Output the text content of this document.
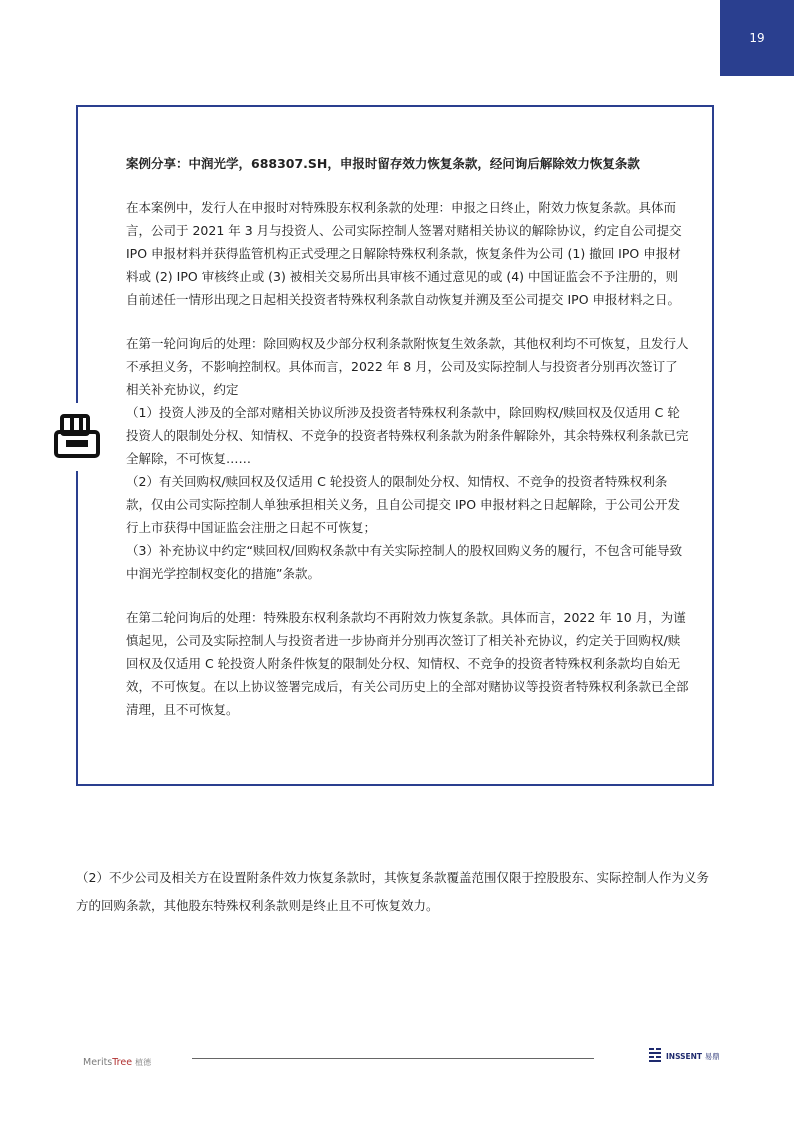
19

案例分享：中润光学，688307.SH，申报时留存效力恢复条款，经问询后解除效力恢复条款

在本案例中，发行人在申报时对特殊股东权利条款的处理：申报之日终止，附效力恢复条款。具体而言，公司于 2021 年 3 月与投资人、公司实际控制人签署对赌相关协议的解除协议，约定自公司提交 IPO 申报材料并获得监管机构正式受理之日解除特殊权利条款，恢复条件为公司 (1) 撤回 IPO 申报材料或 (2) IPO 审核终止或 (3) 被相关交易所出具审核不通过意见的或 (4) 中国证监会不予注册的，则自前述任一情形出现之日起相关投资者特殊权利条款自动恢复并溯及至公司提交 IPO 申报材料之日。

在第一轮问询后的处理：除回购权及少部分权利条款附恢复生效条款，其他权利均不可恢复，且发行人不承担义务，不影响控制权。具体而言，2022 年 8 月，公司及实际控制人与投资者分别再次签订了相关补充协议，约定

（1）投资人涉及的全部对赌相关协议所涉及投资者特殊权利条款中，除回购权/赎回权及仅适用 C 轮投资人的限制处分权、知情权、不竞争的投资者特殊权利条款为附条件解除外，其余特殊权利条款已完全解除，不可恢复……

（2）有关回购权/赎回权及仅适用 C 轮投资人的限制处分权、知情权、不竞争的投资者特殊权利条款，仅由公司实际控制人单独承担相关义务，且自公司提交 IPO 申报材料之日起解除，于公司公开发行上市获得中国证监会注册之日起不可恢复；

（3）补充协议中约定“赎回权/回购权条款中有关实际控制人的股权回购义务的履行，不包含可能导致中润光学控制权变化的措施”条款。

在第二轮问询后的处理：特殊股东权利条款均不再附效力恢复条款。具体而言，2022 年 10 月，为谨慎起见，公司及实际控制人与投资者进一步协商并分别再次签订了相关补充协议，约定关于回购权/赎回权及仅适用 C 轮投资人附条件恢复的限制处分权、知情权、不竞争的投资者特殊权利条款均自始无效，不可恢复。在以上协议签署完成后，有关公司历史上的全部对赌协议等投资者特殊权利条款已全部清理，且不可恢复。

（2）不少公司及相关方在设置附条件效力恢复条款时，其恢复条款覆盖范围仅限于控股股东、实际控制人作为义务方的回购条款，其他股东特殊权利条款则是终止且不可恢复效力。

MeritsTree 植德
INSSENT 易鼎
